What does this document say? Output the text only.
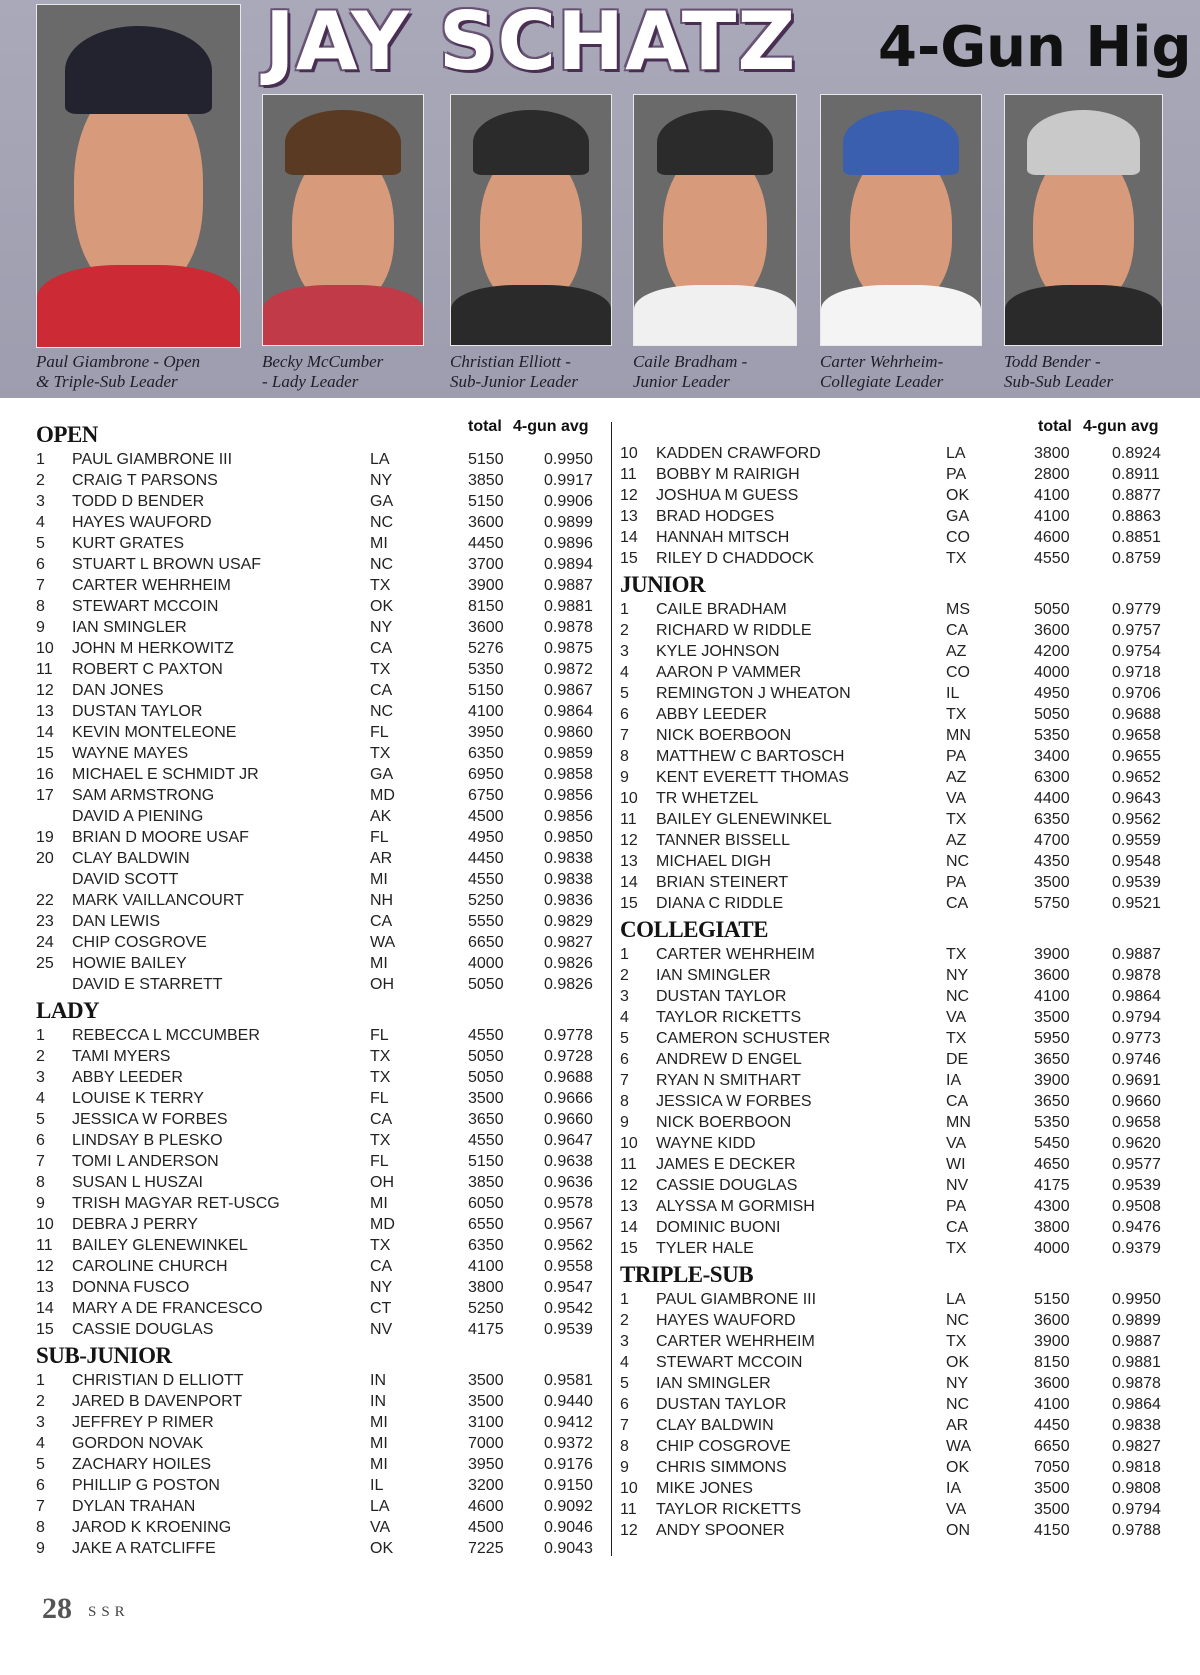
JAY SCHATZ 4-Gun Hig
Paul Giambrone - Open
& Triple-Sub Leader
Becky McCumber
- Lady Leader
Christian Elliott -
Sub-Junior Leader
Caile Bradham -
Junior Leader
Carter Wehrheim-
Collegiate Leader
Todd Bender -
Sub-Sub Leader
total 4-gun avg
OPEN
1 PAUL GIAMBRONE III	LA	5150	0.9950
2 CRAIG T PARSONS	NY	3850	0.9917
3 TODD D BENDER	GA	5150	0.9906
4 HAYES WAUFORD	NC	3600	0.9899
5 KURT GRATES	MI	4450	0.9896
6 STUART L BROWN USAF	NC	3700	0.9894
7 CARTER WEHRHEIM	TX	3900	0.9887
8 STEWART MCCOIN	OK	8150	0.9881
9 IAN SMINGLER	NY	3600	0.9878
10 JOHN M HERKOWITZ	CA	5276	0.9875
11 ROBERT C PAXTON	TX	5350	0.9872
12 DAN JONES	CA	5150	0.9867
13 DUSTAN TAYLOR	NC	4100	0.9864
14 KEVIN MONTELEONE	FL	3950	0.9860
15 WAYNE MAYES	TX	6350	0.9859
16 MICHAEL E SCHMIDT JR	GA	6950	0.9858
17 SAM ARMSTRONG	MD	6750	0.9856
DAVID A PIENING	AK	4500	0.9856
19 BRIAN D MOORE USAF	FL	4950	0.9850
20 CLAY BALDWIN	AR	4450	0.9838
DAVID SCOTT	MI	4550	0.9838
22 MARK VAILLANCOURT	NH	5250	0.9836
23 DAN LEWIS	CA	5550	0.9829
24 CHIP COSGROVE	WA	6650	0.9827
25 HOWIE BAILEY	MI	4000	0.9826
DAVID E STARRETT	OH	5050	0.9826
LADY
1 REBECCA L MCCUMBER	FL	4550	0.9778
2 TAMI MYERS	TX	5050	0.9728
3 ABBY LEEDER	TX	5050	0.9688
4 LOUISE K TERRY	FL	3500	0.9666
5 JESSICA W FORBES	CA	3650	0.9660
6 LINDSAY B PLESKO	TX	4550	0.9647
7 TOMI L ANDERSON	FL	5150	0.9638
8 SUSAN L HUSZAI	OH	3850	0.9636
9 TRISH MAGYAR RET-USCG	MI	6050	0.9578
10 DEBRA J PERRY	MD	6550	0.9567
11 BAILEY GLENEWINKEL	TX	6350	0.9562
12 CAROLINE CHURCH	CA	4100	0.9558
13 DONNA FUSCO	NY	3800	0.9547
14 MARY A DE FRANCESCO	CT	5250	0.9542
15 CASSIE DOUGLAS	NV	4175	0.9539
SUB-JUNIOR
1 CHRISTIAN D ELLIOTT	IN	3500	0.9581
2 JARED B DAVENPORT	IN	3500	0.9440
3 JEFFREY P RIMER	MI	3100	0.9412
4 GORDON NOVAK	MI	7000	0.9372
5 ZACHARY HOILES	MI	3950	0.9176
6 PHILLIP G POSTON	IL	3200	0.9150
7 DYLAN TRAHAN	LA	4600	0.9092
8 JAROD K KROENING	VA	4500	0.9046
9 JAKE A RATCLIFFE	OK	7225	0.9043
total 4-gun avg
10 KADDEN CRAWFORD	LA	3800	0.8924
11 BOBBY M RAIRIGH	PA	2800	0.8911
12 JOSHUA M GUESS	OK	4100	0.8877
13 BRAD HODGES	GA	4100	0.8863
14 HANNAH MITSCH	CO	4600	0.8851
15 RILEY D CHADDOCK	TX	4550	0.8759
JUNIOR
1 CAILE BRADHAM	MS	5050	0.9779
2 RICHARD W RIDDLE	CA	3600	0.9757
3 KYLE JOHNSON	AZ	4200	0.9754
4 AARON P VAMMER	CO	4000	0.9718
5 REMINGTON J WHEATON	IL	4950	0.9706
6 ABBY LEEDER	TX	5050	0.9688
7 NICK BOERBOON	MN	5350	0.9658
8 MATTHEW C BARTOSCH	PA	3400	0.9655
9 KENT EVERETT THOMAS	AZ	6300	0.9652
10 TR WHETZEL	VA	4400	0.9643
11 BAILEY GLENEWINKEL	TX	6350	0.9562
12 TANNER BISSELL	AZ	4700	0.9559
13 MICHAEL DIGH	NC	4350	0.9548
14 BRIAN STEINERT	PA	3500	0.9539
15 DIANA C RIDDLE	CA	5750	0.9521
COLLEGIATE
1 CARTER WEHRHEIM	TX	3900	0.9887
2 IAN SMINGLER	NY	3600	0.9878
3 DUSTAN TAYLOR	NC	4100	0.9864
4 TAYLOR RICKETTS	VA	3500	0.9794
5 CAMERON SCHUSTER	TX	5950	0.9773
6 ANDREW D ENGEL	DE	3650	0.9746
7 RYAN N SMITHART	IA	3900	0.9691
8 JESSICA W FORBES	CA	3650	0.9660
9 NICK BOERBOON	MN	5350	0.9658
10 WAYNE KIDD	VA	5450	0.9620
11 JAMES E DECKER	WI	4650	0.9577
12 CASSIE DOUGLAS	NV	4175	0.9539
13 ALYSSA M GORMISH	PA	4300	0.9508
14 DOMINIC BUONI	CA	3800	0.9476
15 TYLER HALE	TX	4000	0.9379
TRIPLE-SUB
1 PAUL GIAMBRONE III	LA	5150	0.9950
2 HAYES WAUFORD	NC	3600	0.9899
3 CARTER WEHRHEIM	TX	3900	0.9887
4 STEWART MCCOIN	OK	8150	0.9881
5 IAN SMINGLER	NY	3600	0.9878
6 DUSTAN TAYLOR	NC	4100	0.9864
7 CLAY BALDWIN	AR	4450	0.9838
8 CHIP COSGROVE	WA	6650	0.9827
9 CHRIS SIMMONS	OK	7050	0.9818
10 MIKE JONES	IA	3500	0.9808
11 TAYLOR RICKETTS	VA	3500	0.9794
12 ANDY SPOONER	ON	4150	0.9788
28 SSR
